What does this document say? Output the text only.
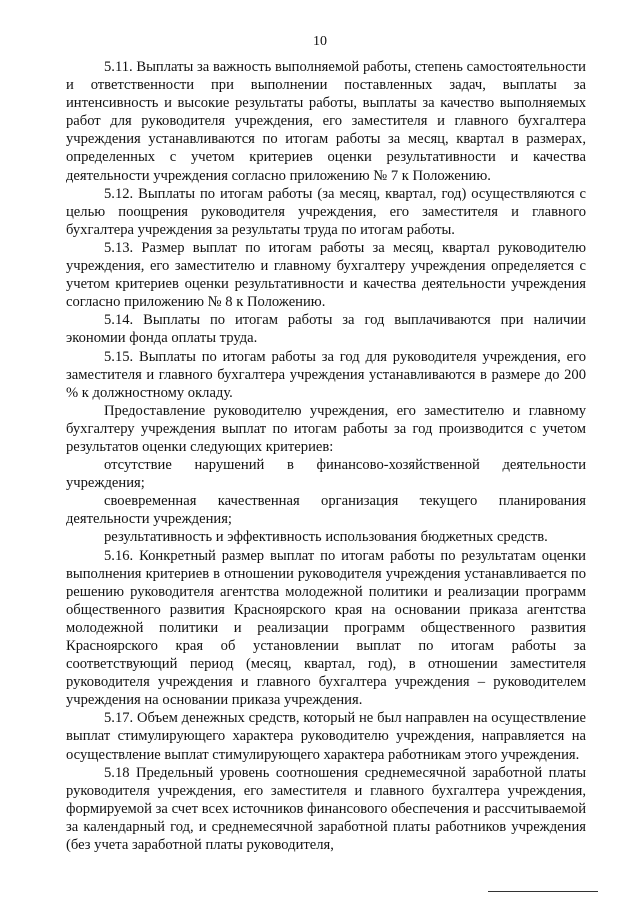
10

5.11. Выплаты за важность выполняемой работы, степень самостоятельности и ответственности при выполнении поставленных задач, выплаты за интенсивность и высокие результаты работы, выплаты за качество выполняемых работ для руководителя учреждения, его заместителя и главного бухгалтера учреждения устанавливаются по итогам работы за месяц, квартал в размерах, определенных с учетом критериев оценки результативности и качества деятельности учреждения согласно приложению № 7 к Положению.

5.12. Выплаты по итогам работы (за месяц, квартал, год) осуществляются с целью поощрения руководителя учреждения, его заместителя и главного бухгалтера учреждения за результаты труда по итогам работы.

5.13. Размер выплат по итогам работы за месяц, квартал руководителю учреждения, его заместителю и главному бухгалтеру учреждения определяется с учетом критериев оценки результативности и качества деятельности учреждения согласно приложению № 8 к Положению.

5.14. Выплаты по итогам работы за год выплачиваются при наличии экономии фонда оплаты труда.

5.15. Выплаты по итогам работы за год для руководителя учреждения, его заместителя и главного бухгалтера учреждения устанавливаются в размере до 200 % к должностному окладу.

Предоставление руководителю учреждения, его заместителю и главному бухгалтеру учреждения выплат по итогам работы за год производится с учетом результатов оценки следующих критериев:

отсутствие нарушений в финансово-хозяйственной деятельности учреждения;

своевременная качественная организация текущего планирования деятельности учреждения;

результативность и эффективность использования бюджетных средств.

5.16. Конкретный размер выплат по итогам работы по результатам оценки выполнения критериев в отношении руководителя учреждения устанавливается по решению руководителя агентства молодежной политики и реализации программ общественного развития Красноярского края на основании приказа агентства молодежной политики и реализации программ общественного развития Красноярского края об установлении выплат по итогам работы за соответствующий период (месяц, квартал, год), в отношении заместителя руководителя учреждения и главного бухгалтера учреждения – руководителем учреждения на основании приказа учреждения.

5.17. Объем денежных средств, который не был направлен на осуществление выплат стимулирующего характера руководителю учреждения, направляется на осуществление выплат стимулирующего характера работникам этого учреждения.

5.18 Предельный уровень соотношения среднемесячной заработной платы руководителя учреждения, его заместителя и главного бухгалтера учреждения, формируемой за счет всех источников финансового обеспечения и рассчитываемой за календарный год, и среднемесячной заработной платы работников учреждения (без учета заработной платы руководителя,
